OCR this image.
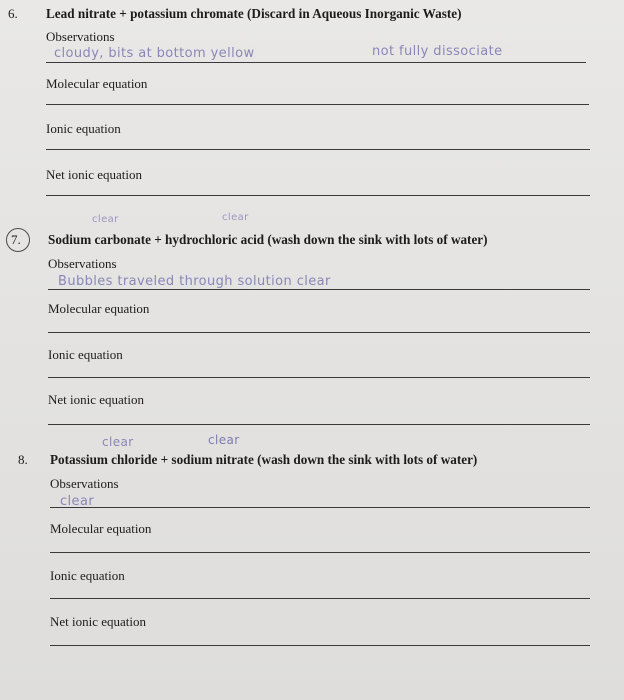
6. Lead nitrate + potassium chromate (Discard in Aqueous Inorganic Waste)
Observations
cloudy, bits at bottom yellow	not fully dissociate
Molecular equation
Ionic equation
Net ionic equation
clear	clear
7. Sodium carbonate + hydrochloric acid (wash down the sink with lots of water)
Observations
Bubbles traveled through solution clear
Molecular equation
Ionic equation
Net ionic equation
clear	clear
8. Potassium chloride + sodium nitrate (wash down the sink with lots of water)
Observations
clear
Molecular equation
Ionic equation
Net ionic equation
